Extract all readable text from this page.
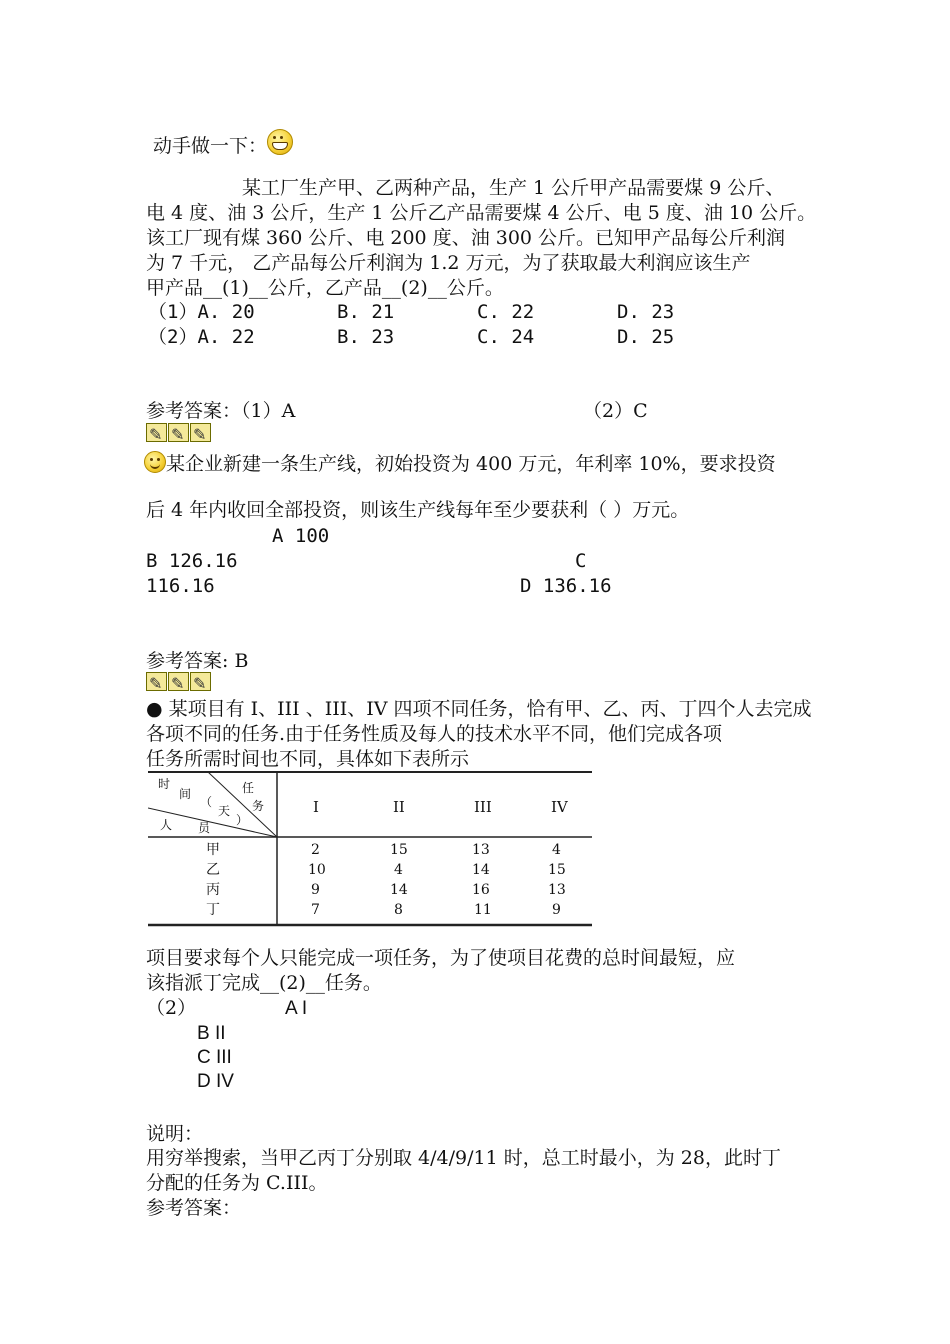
动手做一下：
某工厂生产甲、乙两种产品，生产 1 公斤甲产品需要煤 9 公斤、
电 4 度、油 3 公斤，生产 1 公斤乙产品需要煤 4 公斤、电 5 度、油 10 公斤。
该工厂现有煤 360 公斤、电 200 度、油 300 公斤。已知甲产品每公斤利润
为 7 千元， 乙产品每公斤利润为 1.2 万元，为了获取最大利润应该生产
甲产品__(1)__公斤，乙产品__(2)__公斤。
（1）A. 20	B. 21	C. 22	D. 23
（2）A. 22	B. 23	C. 24	D. 25
参考答案：（1）A	（2）C
✎
✎
✎
某企业新建一条生产线，初始投资为 400 万元，年利率 10%，要求投资
后 4 年内收回全部投资，则该生产线每年至少要获利（ ）万元。
A 100
B 126.16	C
116.16	D 136.16
参考答案: B
✎
✎
✎
● 某项目有 I、III 、III、IV 四项不同任务，恰有甲、乙、丙、丁四个人去完成
各项不同的任务.由于任务性质及每人的技术水平不同，他们完成各项
任务所需时间也不同，具体如下表所示
时
间
（
天
）
任
务
人 员
I	II	III	IV
甲	2	15	13	4
乙	10	4	14	15
丙	9	14	16	13
丁	7	8	11	9
项目要求每个人只能完成一项任务，为了使项目花费的总时间最短，应
该指派丁完成__(2)__任务。
（2）	A I
B II
C III
D IV
说明：
用穷举搜索，当甲乙丙丁分别取 4/4/9/11 时，总工时最小，为 28，此时丁
分配的任务为 C.III。
参考答案：
